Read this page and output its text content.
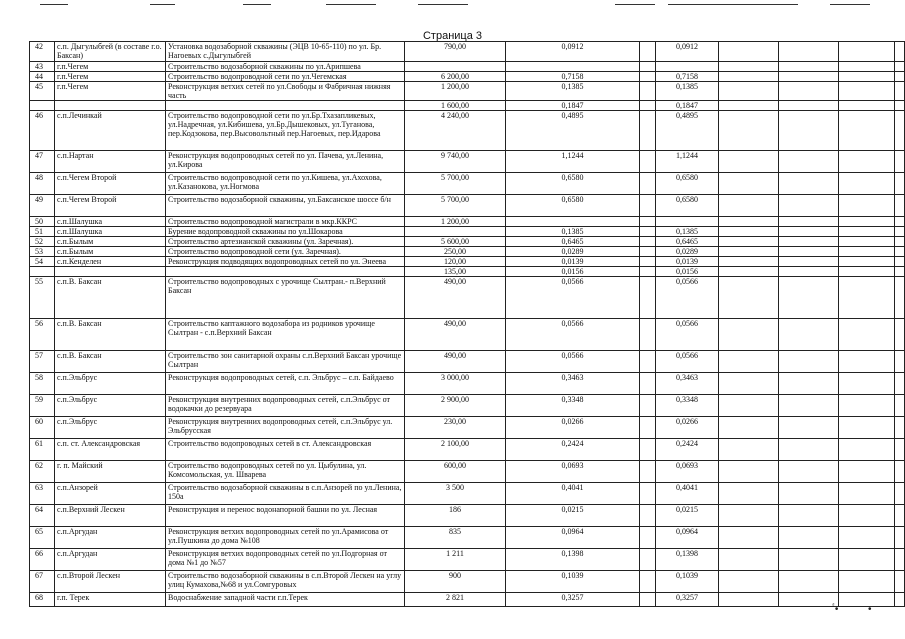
Страница 3
42	с.п. Дыгулыбгей (в составе г.о. Баксан)	Установка водозаборной скважины (ЭЦВ 10-65-110) по ул. Бр. Нагоевых с.Дыгулыбгей	790,00	0,0912		0,0912				
43	г.п.Чегем	Строительство водозаборной скважины по ул.Арипшева								
44	г.п.Чегем	Строительство водопроводной сети по ул.Чегемская	6 200,00	0,7158		0,7158				
45	г.п.Чегем	Реконструкция ветхих сетей по ул.Свободы и Фабричная нижняя часть	1 200,00	0,1385		0,1385				
			1 600,00	0,1847		0,1847				
46	с.п.Лечинкай	Строительство водопроводной сети по ул.Бр.Тхазапликевых, ул.Надречная, ул.Кибишева, ул.Бр.Дышековых, ул.Туганова, пер.Кодзокова, пер.Высовольтный пер.Нагоевых, пер.Идарова	4 240,00	0,4895		0,4895				
47	с.п.Нартан	Реконструкция водопроводных сетей по ул. Пачева, ул.Ленина, ул.Кирова	9 740,00	1,1244		1,1244				
48	с.п.Чегем Второй	Строительство водопроводной сети по ул.Кишева, ул.Ахохова, ул.Казанокова, ул.Ногмова	5 700,00	0,6580		0,6580				
49	с.п.Чегем Второй	Строительство водозаборной скважины, ул.Баксанское шоссе б/н	5 700,00	0,6580		0,6580				
50	с.п.Шалушка	Строительство водопроводной магистрали в мкр.ККРС	1 200,00							
51	с.п.Шалушка	Бурение водопроводной скважины по ул.Шокарова		0,1385		0,1385				
52	с.п.Былым	Строительство артезианской скважины (ул. Заречная).	5 600,00	0,6465		0,6465				
53	с.п.Былым	Строительство водопроводной сети (ул. Заречная).	250,00	0,0289		0,0289				
54	с.п.Кенделен	Реконструкция подводящих водопроводных сетей по ул. Энеева	120,00	0,0139		0,0139				
			135,00	0,0156		0,0156				
55	с.п.В. Баксан	Строительство водопроводных с урочище Сылтран.- п.Верхний Баксан	490,00	0,0566		0,0566				
56	с.п.В. Баксан	Строительство каптажного водозабора из родников урочище Сылтран - с.п.Верхний Баксан	490,00	0,0566		0,0566				
57	с.п.В. Баксан	Строительство зон санитарной охраны с.п.Верхний Баксан урочище Сылтран	490,00	0,0566		0,0566				
58	с.п.Эльбрус	Реконструкция водопроводных сетей, с.п. Эльбрус – с.п. Байдаево	3 000,00	0,3463		0,3463				
59	с.п.Эльбрус	Реконструкция внутренних водопроводных сетей, с.п.Эльбрус от водокачки до резервуара	2 900,00	0,3348		0,3348				
60	с.п.Эльбрус	Реконструкция внутренних водопроводных сетей, с.п.Эльбрус ул. Эльбрусская	230,00	0,0266		0,0266				
61	с.п. ст. Александровская	Строительство водопроводных сетей в ст. Александровская	2 100,00	0,2424		0,2424				
62	г. п. Майский	Строительство водопроводных сетей по ул. Цыбулина, ул. Комсомольская, ул. Шварева	600,00	0,0693		0,0693				
63	с.п.Анзорей	Строительство водозаборной скважины в с.п.Анзорей по ул.Ленина, 150а	3 500	0,4041		0,4041				
64	с.п.Верхний Лескен	Реконструкция и перенос водонапорной башни по ул. Лесная	186	0,0215		0,0215				
65	с.п.Аргудан	Реконструкция ветхих водопроводных сетей по ул.Арамисова от ул.Пушкина до дома №108	835	0,0964		0,0964				
66	с.п.Аргудан	Реконструкция ветхих водопроводных сетей по ул.Подгорная от дома №1 до №57	1 211	0,1398		0,1398				
67	с.п.Второй Лескен	Строительство водозаборной скважины в с.п.Второй Лескен на углу улиц Кумахова,№68 и ул.Сомгуровых	900	0,1039		0,1039				
68	г.п. Терек	Водоснабжение западной части г.п.Терек	2 821	0,3257		0,3257				
ٴ•	•
